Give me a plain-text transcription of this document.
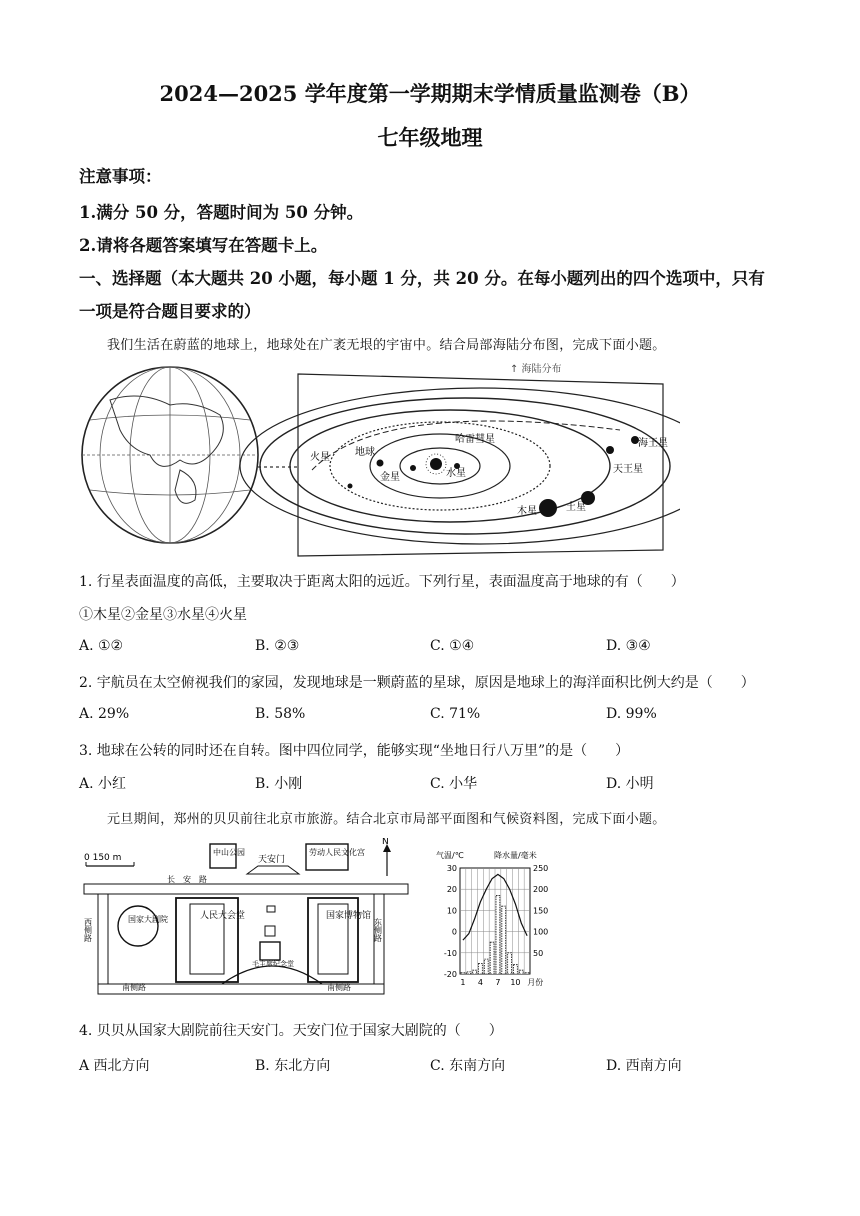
2024—2025 学年度第一学期期末学情质量监测卷（B）
七年级地理
注意事项：
1.满分 50 分，答题时间为 50 分钟。
2.请将各题答案填写在答题卡上。
一、选择题（本大题共 20 小题，每小题 1 分，共 20 分。在每小题列出的四个选项中，只有
一项是符合题目要求的）
我们生活在蔚蓝的地球上，地球处在广袤无垠的宇宙中。结合局部海陆分布图，完成下面小题。
↑ 海陆分布
火星	地球
金星	水星
哈雷彗星	海王星
天王星
木星	土星
1. 行星表面温度的高低，主要取决于距离太阳的远近。下列行星，表面温度高于地球的有（　　）
①木星②金星③水星④火星
A. ①②	B. ②③	C. ①④	D. ③④
2. 宇航员在太空俯视我们的家园，发现地球是一颗蔚蓝的星球，原因是地球上的海洋面积比例大约是（　　）
A. 29%	B. 58%	C. 71%	D. 99%
3. 地球在公转的同时还在自转。图中四位同学，能够实现“坐地日行八万里”的是（　　）
A. 小红	B. 小刚	C. 小华	D. 小明
元旦期间，郑州的贝贝前往北京市旅游。结合北京市局部平面图和气候资料图，完成下面小题。
0 150 m
N
中山公园
天安门
劳动人民文化宫
长　安　路
西侧路	东侧路
南侧路	南侧路
国家大剧院	人民大会堂	国家博物馆
毛主席纪念堂
气温/℃	降水量/毫米
30
20
10
0
-10
-20
250
200
150
100
50
1 4 7 10 月份
4. 贝贝从国家大剧院前往天安门。天安门位于国家大剧院的（　　）
A 西北方向	B. 东北方向	C. 东南方向	D. 西南方向
